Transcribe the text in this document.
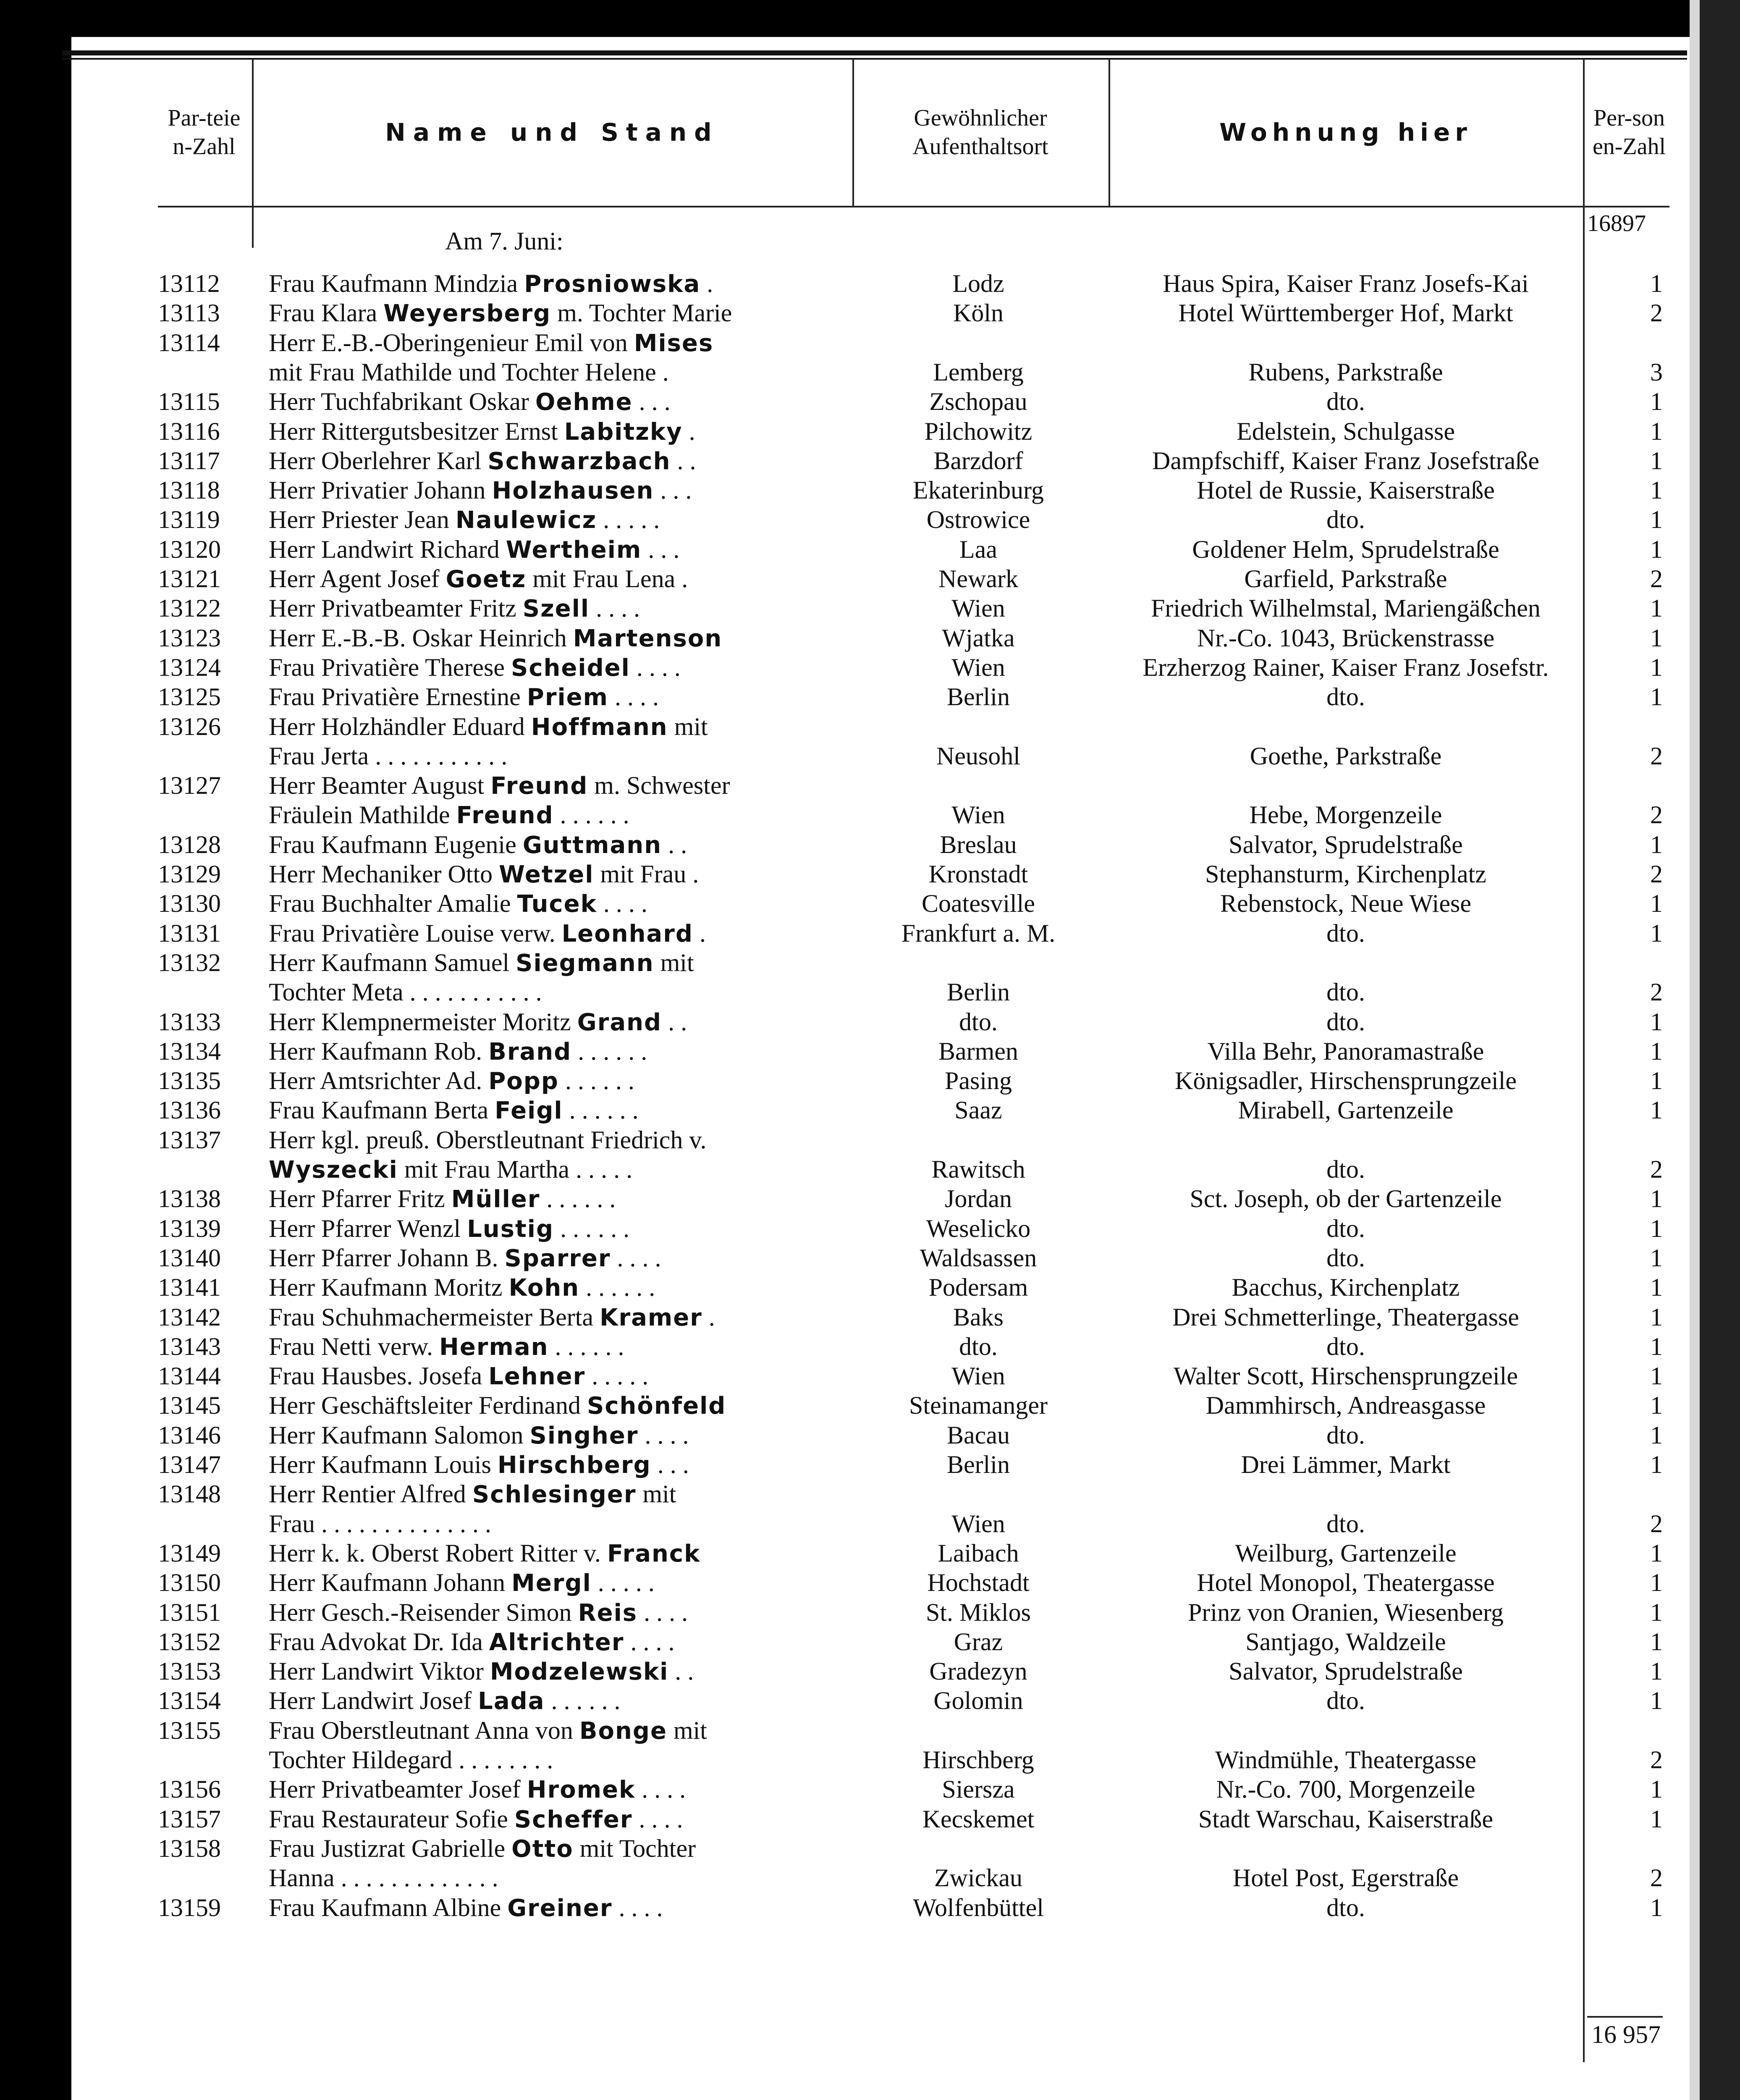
Par-teien-Zahl	Name und Stand	Gewöhnlicher Aufenthaltsort	Wohnung hier	Per-sonen-Zahl
16897
Am 7. Juni:
13112 Frau Kaufmann Mindzia Prosniowska .	Lodz	Haus Spira, Kaiser Franz Josefs-Kai	1
13113 Frau Klara Weyersberg m. Tochter Marie	Köln	Hotel Württemberger Hof, Markt	2
13114 Herr E.-B.-Oberingenieur Emil von Mises
mit Frau Mathilde und Tochter Helene .	Lemberg	Rubens, Parkstraße	3
13115 Herr Tuchfabrikant Oskar Oehme . . .	Zschopau	dto.	1
13116 Herr Rittergutsbesitzer Ernst Labitzky .	Pilchowitz	Edelstein, Schulgasse	1
13117 Herr Oberlehrer Karl Schwarzbach . .	Barzdorf	Dampfschiff, Kaiser Franz Josefstraße	1
13118 Herr Privatier Johann Holzhausen . . .	Ekaterinburg	Hotel de Russie, Kaiserstraße	1
13119 Herr Priester Jean Naulewicz . . . . .	Ostrowice	dto.	1
13120 Herr Landwirt Richard Wertheim . . .	Laa	Goldener Helm, Sprudelstraße	1
13121 Herr Agent Josef Goetz mit Frau Lena .	Newark	Garfield, Parkstraße	2
13122 Herr Privatbeamter Fritz Szell . . . .	Wien	Friedrich Wilhelmstal, Mariengäßchen	1
13123 Herr E.-B.-B. Oskar Heinrich Martenson	Wjatka	Nr.-Co. 1043, Brückenstrasse	1
13124 Frau Privatière Therese Scheidel . . . .	Wien	Erzherzog Rainer, Kaiser Franz Josefstr.	1
13125 Frau Privatière Ernestine Priem . . . .	Berlin	dto.	1
13126 Herr Holzhändler Eduard Hoffmann mit
Frau Jerta . . . . . . . . . . .	Neusohl	Goethe, Parkstraße	2
13127 Herr Beamter August Freund m. Schwester
Fräulein Mathilde Freund . . . . . .	Wien	Hebe, Morgenzeile	2
13128 Frau Kaufmann Eugenie Guttmann . .	Breslau	Salvator, Sprudelstraße	1
13129 Herr Mechaniker Otto Wetzel mit Frau .	Kronstadt	Stephansturm, Kirchenplatz	2
13130 Frau Buchhalter Amalie Tucek . . . .	Coatesville	Rebenstock, Neue Wiese	1
13131 Frau Privatière Louise verw. Leonhard .	Frankfurt a. M.	dto.	1
13132 Herr Kaufmann Samuel Siegmann mit
Tochter Meta . . . . . . . . . . .	Berlin	dto.	2
13133 Herr Klempnermeister Moritz Grand . .	dto.	dto.	1
13134 Herr Kaufmann Rob. Brand . . . . . .	Barmen	Villa Behr, Panoramastraße	1
13135 Herr Amtsrichter Ad. Popp . . . . . .	Pasing	Königsadler, Hirschensprungzeile	1
13136 Frau Kaufmann Berta Feigl . . . . . .	Saaz	Mirabell, Gartenzeile	1
13137 Herr kgl. preuß. Oberstleutnant Friedrich v.
Wyszecki mit Frau Martha . . . . .	Rawitsch	dto.	2
13138 Herr Pfarrer Fritz Müller . . . . . .	Jordan	Sct. Joseph, ob der Gartenzeile	1
13139 Herr Pfarrer Wenzl Lustig . . . . . .	Weselicko	dto.	1
13140 Herr Pfarrer Johann B. Sparrer . . . .	Waldsassen	dto.	1
13141 Herr Kaufmann Moritz Kohn . . . . . .	Podersam	Bacchus, Kirchenplatz	1
13142 Frau Schuhmachermeister Berta Kramer .	Baks	Drei Schmetterlinge, Theatergasse	1
13143 Frau Netti verw. Herman . . . . . .	dto.	dto.	1
13144 Frau Hausbes. Josefa Lehner . . . . .	Wien	Walter Scott, Hirschensprungzeile	1
13145 Herr Geschäftsleiter Ferdinand Schönfeld	Steinamanger	Dammhirsch, Andreasgasse	1
13146 Herr Kaufmann Salomon Singher . . . .	Bacau	dto.	1
13147 Herr Kaufmann Louis Hirschberg . . .	Berlin	Drei Lämmer, Markt	1
13148 Herr Rentier Alfred Schlesinger mit
Frau . . . . . . . . . . . . . .	Wien	dto.	2
13149 Herr k. k. Oberst Robert Ritter v. Franck	Laibach	Weilburg, Gartenzeile	1
13150 Herr Kaufmann Johann Mergl . . . . .	Hochstadt	Hotel Monopol, Theatergasse	1
13151 Herr Gesch.-Reisender Simon Reis . . . .	St. Miklos	Prinz von Oranien, Wiesenberg	1
13152 Frau Advokat Dr. Ida Altrichter . . . .	Graz	Santjago, Waldzeile	1
13153 Herr Landwirt Viktor Modzelewski . .	Gradezyn	Salvator, Sprudelstraße	1
13154 Herr Landwirt Josef Lada . . . . . .	Golomin	dto.	1
13155 Frau Oberstleutnant Anna von Bonge mit
Tochter Hildegard . . . . . . . .	Hirschberg	Windmühle, Theatergasse	2
13156 Herr Privatbeamter Josef Hromek . . . .	Siersza	Nr.-Co. 700, Morgenzeile	1
13157 Frau Restaurateur Sofie Scheffer . . . .	Kecskemet	Stadt Warschau, Kaiserstraße	1
13158 Frau Justizrat Gabrielle Otto mit Tochter
Hanna . . . . . . . . . . . . .	Zwickau	Hotel Post, Egerstraße	2
13159 Frau Kaufmann Albine Greiner . . . .	Wolfenbüttel	dto.	1
16 957
